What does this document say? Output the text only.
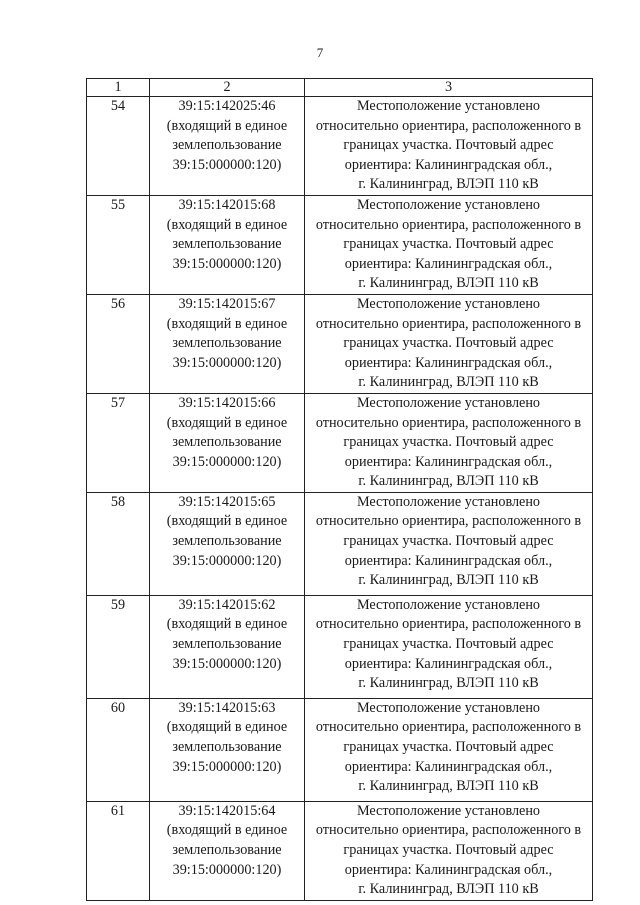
7
1	2	3
54	39:15:142025:46
(входящий в единое
землепользование
39:15:000000:120)	Местоположение установлено
относительно ориентира, расположенного в
границах участка. Почтовый адрес
ориентира: Калининградская обл.,
г. Калининград, ВЛЭП 110 кВ

55	39:15:142015:68
(входящий в единое
землепользование
39:15:000000:120)	Местоположение установлено
относительно ориентира, расположенного в
границах участка. Почтовый адрес
ориентира: Калининградская обл.,
г. Калининград, ВЛЭП 110 кВ

56	39:15:142015:67
(входящий в единое
землепользование
39:15:000000:120)	Местоположение установлено
относительно ориентира, расположенного в
границах участка. Почтовый адрес
ориентира: Калининградская обл.,
г. Калининград, ВЛЭП 110 кВ

57	39:15:142015:66
(входящий в единое
землепользование
39:15:000000:120)	Местоположение установлено
относительно ориентира, расположенного в
границах участка. Почтовый адрес
ориентира: Калининградская обл.,
г. Калининград, ВЛЭП 110 кВ

58	39:15:142015:65
(входящий в единое
землепользование
39:15:000000:120)	Местоположение установлено
относительно ориентира, расположенного в
границах участка. Почтовый адрес
ориентира: Калининградская обл.,
г. Калининград, ВЛЭП 110 кВ

59	39:15:142015:62
(входящий в единое
землепользование
39:15:000000:120)	Местоположение установлено
относительно ориентира, расположенного в
границах участка. Почтовый адрес
ориентира: Калининградская обл.,
г. Калининград, ВЛЭП 110 кВ

60	39:15:142015:63
(входящий в единое
землепользование
39:15:000000:120)	Местоположение установлено
относительно ориентира, расположенного в
границах участка. Почтовый адрес
ориентира: Калининградская обл.,
г. Калининград, ВЛЭП 110 кВ

61	39:15:142015:64
(входящий в единое
землепользование
39:15:000000:120)	Местоположение установлено
относительно ориентира, расположенного в
границах участка. Почтовый адрес
ориентира: Калининградская обл.,
г. Калининград, ВЛЭП 110 кВ
